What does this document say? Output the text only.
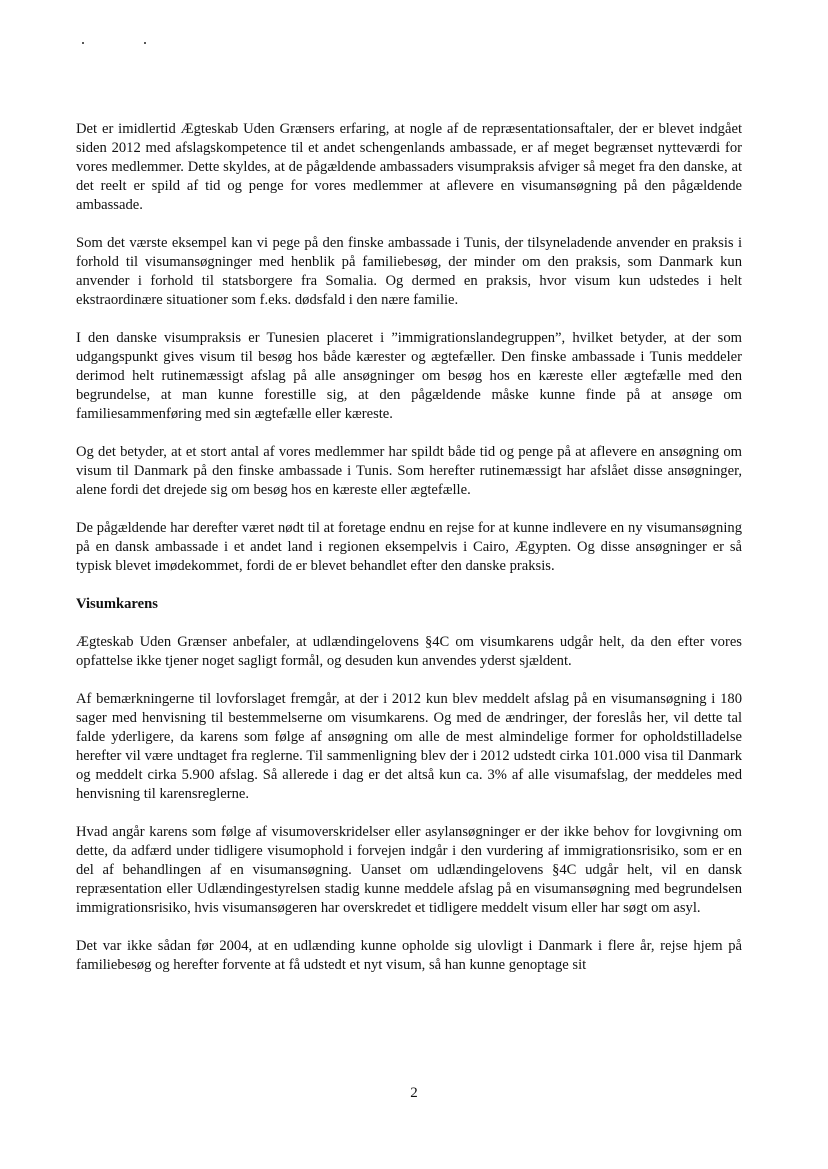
Det er imidlertid Ægteskab Uden Grænsers erfaring, at nogle af de repræsentationsaftaler, der er blevet indgået siden 2012 med afslagskompetence til et andet schengenlands ambassade, er af meget begrænset nytteværdi for vores medlemmer. Dette skyldes, at de pågældende ambassaders visumpraksis afviger så meget fra den danske, at det reelt er spild af tid og penge for vores medlemmer at aflevere en visumansøgning på den pågældende ambassade.

Som det værste eksempel kan vi pege på den finske ambassade i Tunis, der tilsyneladende anvender en praksis i forhold til visumansøgninger med henblik på familiebesøg, der minder om den praksis, som Danmark kun anvender i forhold til statsborgere fra Somalia. Og dermed en praksis, hvor visum kun udstedes i helt ekstraordinære situationer som f.eks. dødsfald i den nære familie.

I den danske visumpraksis er Tunesien placeret i ”immigrationslandegruppen”, hvilket betyder, at der som udgangspunkt gives visum til besøg hos både kærester og ægtefæller. Den finske ambassade i Tunis meddeler derimod helt rutinemæssigt afslag på alle ansøgninger om besøg hos en kæreste eller ægtefælle med den begrundelse, at man kunne forestille sig, at den pågældende måske kunne finde på at ansøge om familiesammenføring med sin ægtefælle eller kæreste.

Og det betyder, at et stort antal af vores medlemmer har spildt både tid og penge på at aflevere en ansøgning om visum til Danmark på den finske ambassade i Tunis. Som herefter rutinemæssigt har afslået disse ansøgninger, alene fordi det drejede sig om besøg hos en kæreste eller ægtefælle.

De pågældende har derefter været nødt til at foretage endnu en rejse for at kunne indlevere en ny visumansøgning på en dansk ambassade i et andet land i regionen eksempelvis i Cairo, Ægypten. Og disse ansøgninger er så typisk blevet imødekommet, fordi de er blevet behandlet efter den danske praksis.

Visumkarens

Ægteskab Uden Grænser anbefaler, at udlændingelovens §4C om visumkarens udgår helt, da den efter vores opfattelse ikke tjener noget sagligt formål, og desuden kun anvendes yderst sjældent.

Af bemærkningerne til lovforslaget fremgår, at der i 2012 kun blev meddelt afslag på en visumansøgning i 180 sager med henvisning til bestemmelserne om visumkarens. Og med de ændringer, der foreslås her, vil dette tal falde yderligere, da karens som følge af ansøgning om alle de mest almindelige former for opholdstilladelse herefter vil være undtaget fra reglerne. Til sammenligning blev der i 2012 udstedt cirka 101.000 visa til Danmark og meddelt cirka 5.900 afslag. Så allerede i dag er det altså kun ca. 3% af alle visumafslag, der meddeles med henvisning til karensreglerne.

Hvad angår karens som følge af visumoverskridelser eller asylansøgninger er der ikke behov for lovgivning om dette, da adfærd under tidligere visumophold i forvejen indgår i den vurdering af immigrationsrisiko, som er en del af behandlingen af en visumansøgning. Uanset om udlændingelovens §4C udgår helt, vil en dansk repræsentation eller Udlændingestyrelsen stadig kunne meddele afslag på en visumansøgning med begrundelsen immigrationsrisiko, hvis visumansøgeren har overskredet et tidligere meddelt visum eller har søgt om asyl.

Det var ikke sådan før 2004, at en udlænding kunne opholde sig ulovligt i Danmark i flere år, rejse hjem på familiebesøg og herefter forvente at få udstedt et nyt visum, så han kunne genoptage sit

2
